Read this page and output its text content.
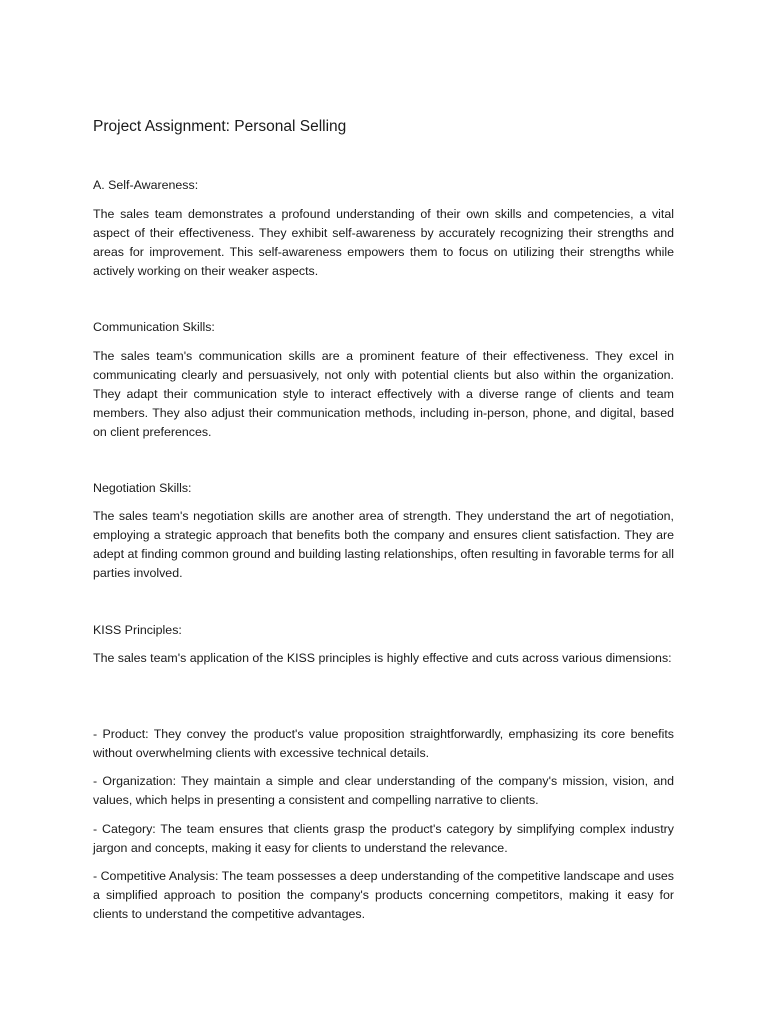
Project Assignment: Personal Selling

A. Self-Awareness:

The sales team demonstrates a profound understanding of their own skills and competencies, a vital aspect of their effectiveness. They exhibit self-awareness by accurately recognizing their strengths and areas for improvement. This self-awareness empowers them to focus on utilizing their strengths while actively working on their weaker aspects.

Communication Skills:

The sales team's communication skills are a prominent feature of their effectiveness. They excel in communicating clearly and persuasively, not only with potential clients but also within the organization. They adapt their communication style to interact effectively with a diverse range of clients and team members. They also adjust their communication methods, including in-person, phone, and digital, based on client preferences.

Negotiation Skills:

The sales team's negotiation skills are another area of strength. They understand the art of negotiation, employing a strategic approach that benefits both the company and ensures client satisfaction. They are adept at finding common ground and building lasting relationships, often resulting in favorable terms for all parties involved.

KISS Principles:

The sales team's application of the KISS principles is highly effective and cuts across various dimensions:

- Product: They convey the product's value proposition straightforwardly, emphasizing its core benefits without overwhelming clients with excessive technical details.

- Organization: They maintain a simple and clear understanding of the company's mission, vision, and values, which helps in presenting a consistent and compelling narrative to clients.

- Category: The team ensures that clients grasp the product's category by simplifying complex industry jargon and concepts, making it easy for clients to understand the relevance.

- Competitive Analysis: The team possesses a deep understanding of the competitive landscape and uses a simplified approach to position the company's products concerning competitors, making it easy for clients to understand the competitive advantages.
